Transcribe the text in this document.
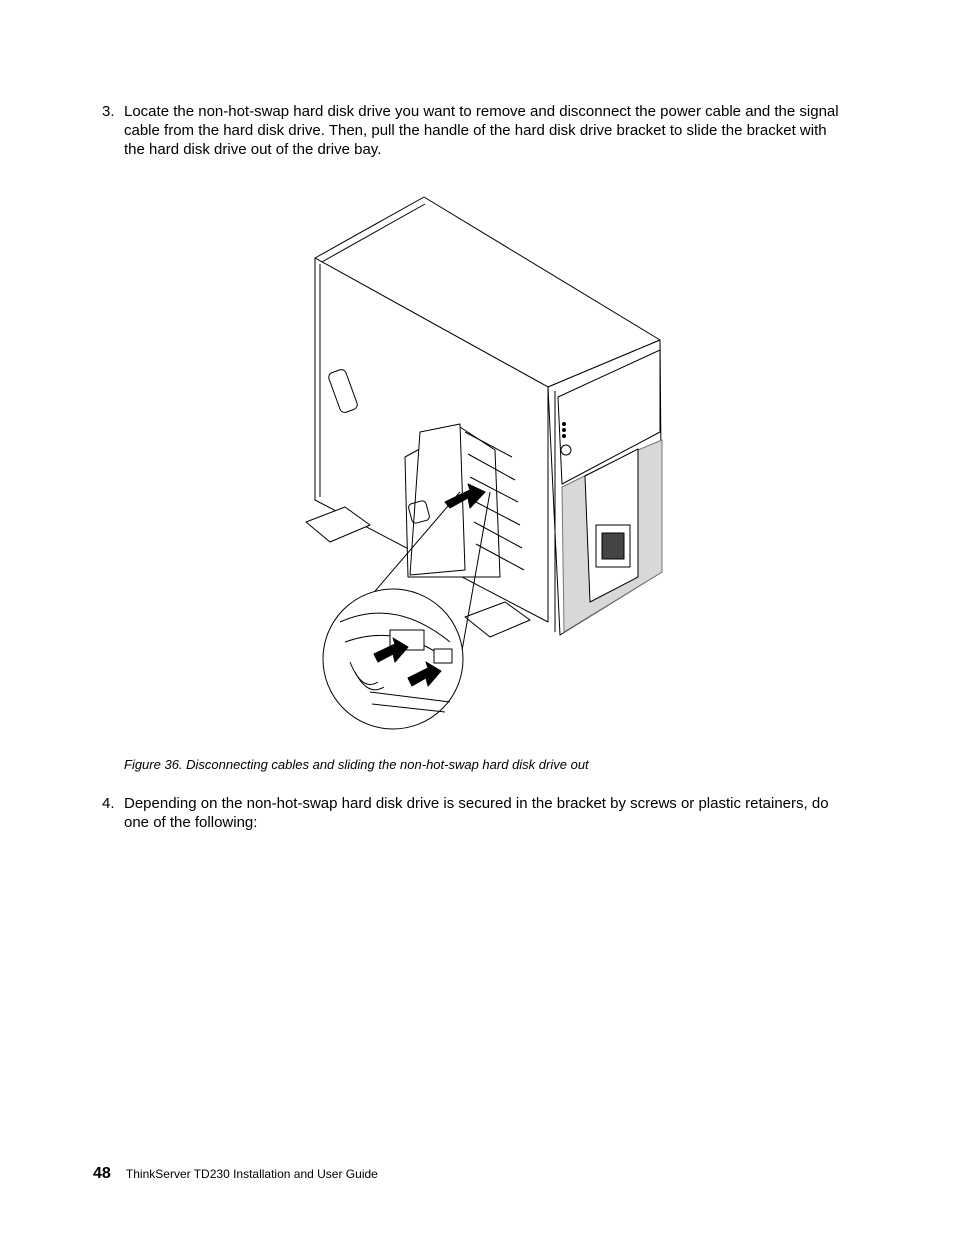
3. Locate the non-hot-swap hard disk drive you want to remove and disconnect the power cable and the signal cable from the hard disk drive. Then, pull the handle of the hard disk drive bracket to slide the bracket with the hard disk drive out of the drive bay.
Figure 36. Disconnecting cables and sliding the non-hot-swap hard disk drive out
4. Depending on the non-hot-swap hard disk drive is secured in the bracket by screws or plastic retainers, do one of the following:
48 ThinkServer TD230 Installation and User Guide
